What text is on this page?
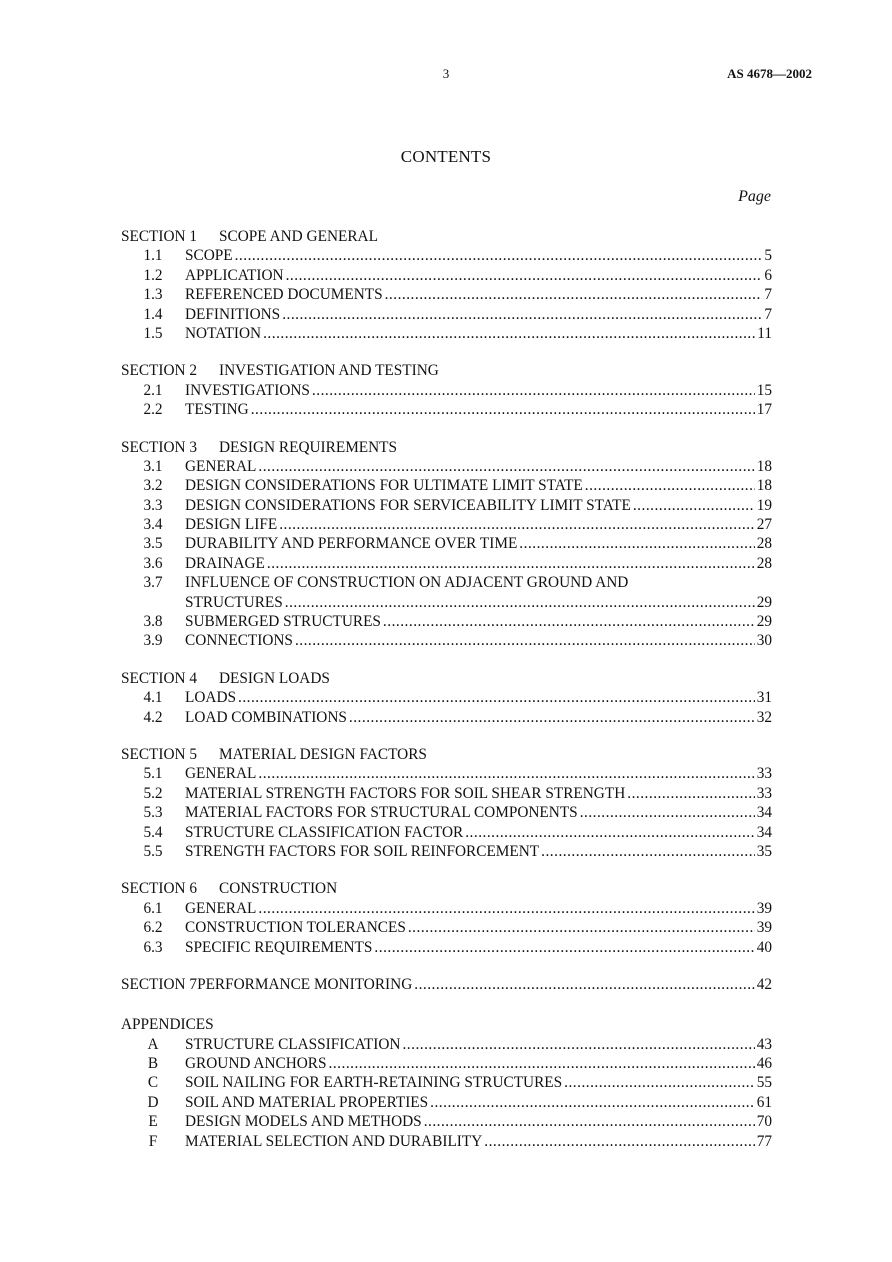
3	AS 4678—2002
CONTENTS
Page
SECTION 1	SCOPE AND GENERAL
1.1	SCOPE .....	5
1.2	APPLICATION .....	6
1.3	REFERENCED DOCUMENTS .....	7
1.4	DEFINITIONS .....	7
1.5	NOTATION .....	11
SECTION 2	INVESTIGATION AND TESTING
2.1	INVESTIGATIONS .....	15
2.2	TESTING .....	17
SECTION 3	DESIGN REQUIREMENTS
3.1	GENERAL .....	18
3.2	DESIGN CONSIDERATIONS FOR ULTIMATE LIMIT STATE .....	18
3.3	DESIGN CONSIDERATIONS FOR SERVICEABILITY LIMIT STATE .....	19
3.4	DESIGN LIFE .....	27
3.5	DURABILITY AND PERFORMANCE OVER TIME .....	28
3.6	DRAINAGE .....	28
3.7	INFLUENCE OF CONSTRUCTION ON ADJACENT GROUND AND
STRUCTURES .....	29
3.8	SUBMERGED STRUCTURES .....	29
3.9	CONNECTIONS .....	30
SECTION 4	DESIGN LOADS
4.1	LOADS .....	31
4.2	LOAD COMBINATIONS .....	32
SECTION 5	MATERIAL DESIGN FACTORS
5.1	GENERAL .....	33
5.2	MATERIAL STRENGTH FACTORS FOR SOIL SHEAR STRENGTH .....	33
5.3	MATERIAL FACTORS FOR STRUCTURAL COMPONENTS .....	34
5.4	STRUCTURE CLASSIFICATION FACTOR .....	34
5.5	STRENGTH FACTORS FOR SOIL REINFORCEMENT .....	35
SECTION 6	CONSTRUCTION
6.1	GENERAL .....	39
6.2	CONSTRUCTION TOLERANCES .....	39
6.3	SPECIFIC REQUIREMENTS .....	40
SECTION 7 PERFORMANCE MONITORING .....	42
APPENDICES
A	STRUCTURE CLASSIFICATION .....	43
B	GROUND ANCHORS .....	46
C	SOIL NAILING FOR EARTH-RETAINING STRUCTURES .....	55
D	SOIL AND MATERIAL PROPERTIES .....	61
E	DESIGN MODELS AND METHODS .....	70
F	MATERIAL SELECTION AND DURABILITY .....	77
